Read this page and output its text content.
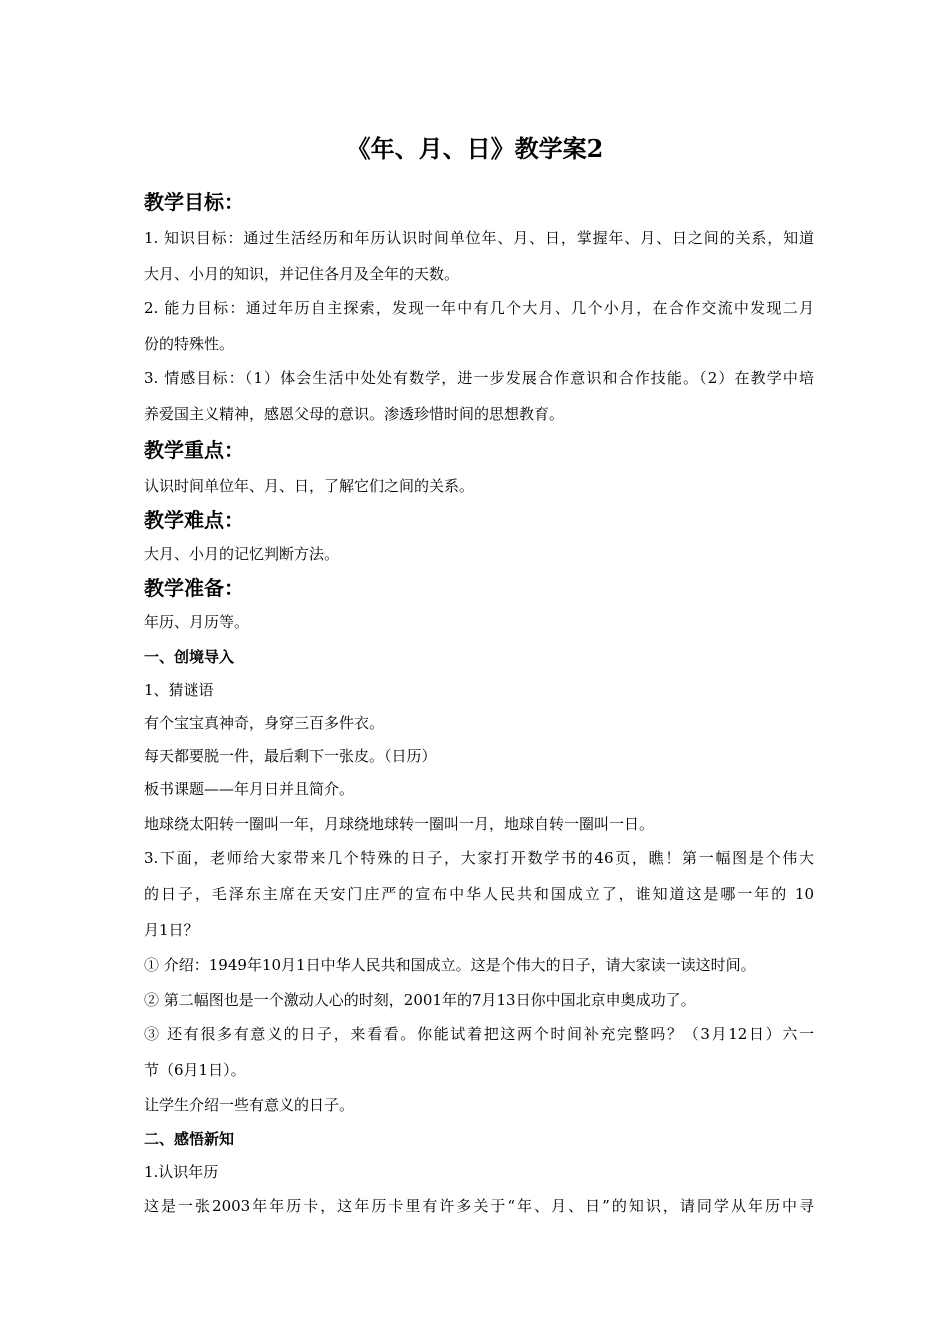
《年、月、日》教学案2
教学目标：
1. 知识目标：通过生活经历和年历认识时间单位年、月、日，掌握年、月、日之间的关系，知道
大月、小月的知识，并记住各月及全年的天数。
2. 能力目标：通过年历自主探索，发现一年中有几个大月、几个小月，在合作交流中发现二月
份的特殊性。
3. 情感目标：（1）体会生活中处处有数学，进一步发展合作意识和合作技能。（2）在教学中培
养爱国主义精神，感恩父母的意识。渗透珍惜时间的思想教育。
教学重点：
认识时间单位年、月、日，了解它们之间的关系。
教学难点：
大月、小月的记忆判断方法。
教学准备：
年历、月历等。
一、创境导入
1、猜谜语
有个宝宝真神奇，身穿三百多件衣。
每天都要脱一件，最后剩下一张皮。（日历）
板书课题——年月日并且简介。
地球绕太阳转一圈叫一年，月球绕地球转一圈叫一月，地球自转一圈叫一日。
3.下面，老师给大家带来几个特殊的日子，大家打开数学书的46页，瞧！第一幅图是个伟大
的日子，毛泽东主席在天安门庄严的宣布中华人民共和国成立了，谁知道这是哪一年的 10
月1日？
① 介绍：1949年10月1日中华人民共和国成立。这是个伟大的日子，请大家读一读这时间。
② 第二幅图也是一个激动人心的时刻，2001年的7月13日你中国北京申奥成功了。
③ 还有很多有意义的日子，来看看。你能试着把这两个时间补充完整吗？（3月12日）六一
节（6月1日）。
让学生介绍一些有意义的日子。
二、感悟新知
1.认识年历
这是一张2003年年历卡，这年历卡里有许多关于“年、月、日”的知识，请同学从年历中寻
